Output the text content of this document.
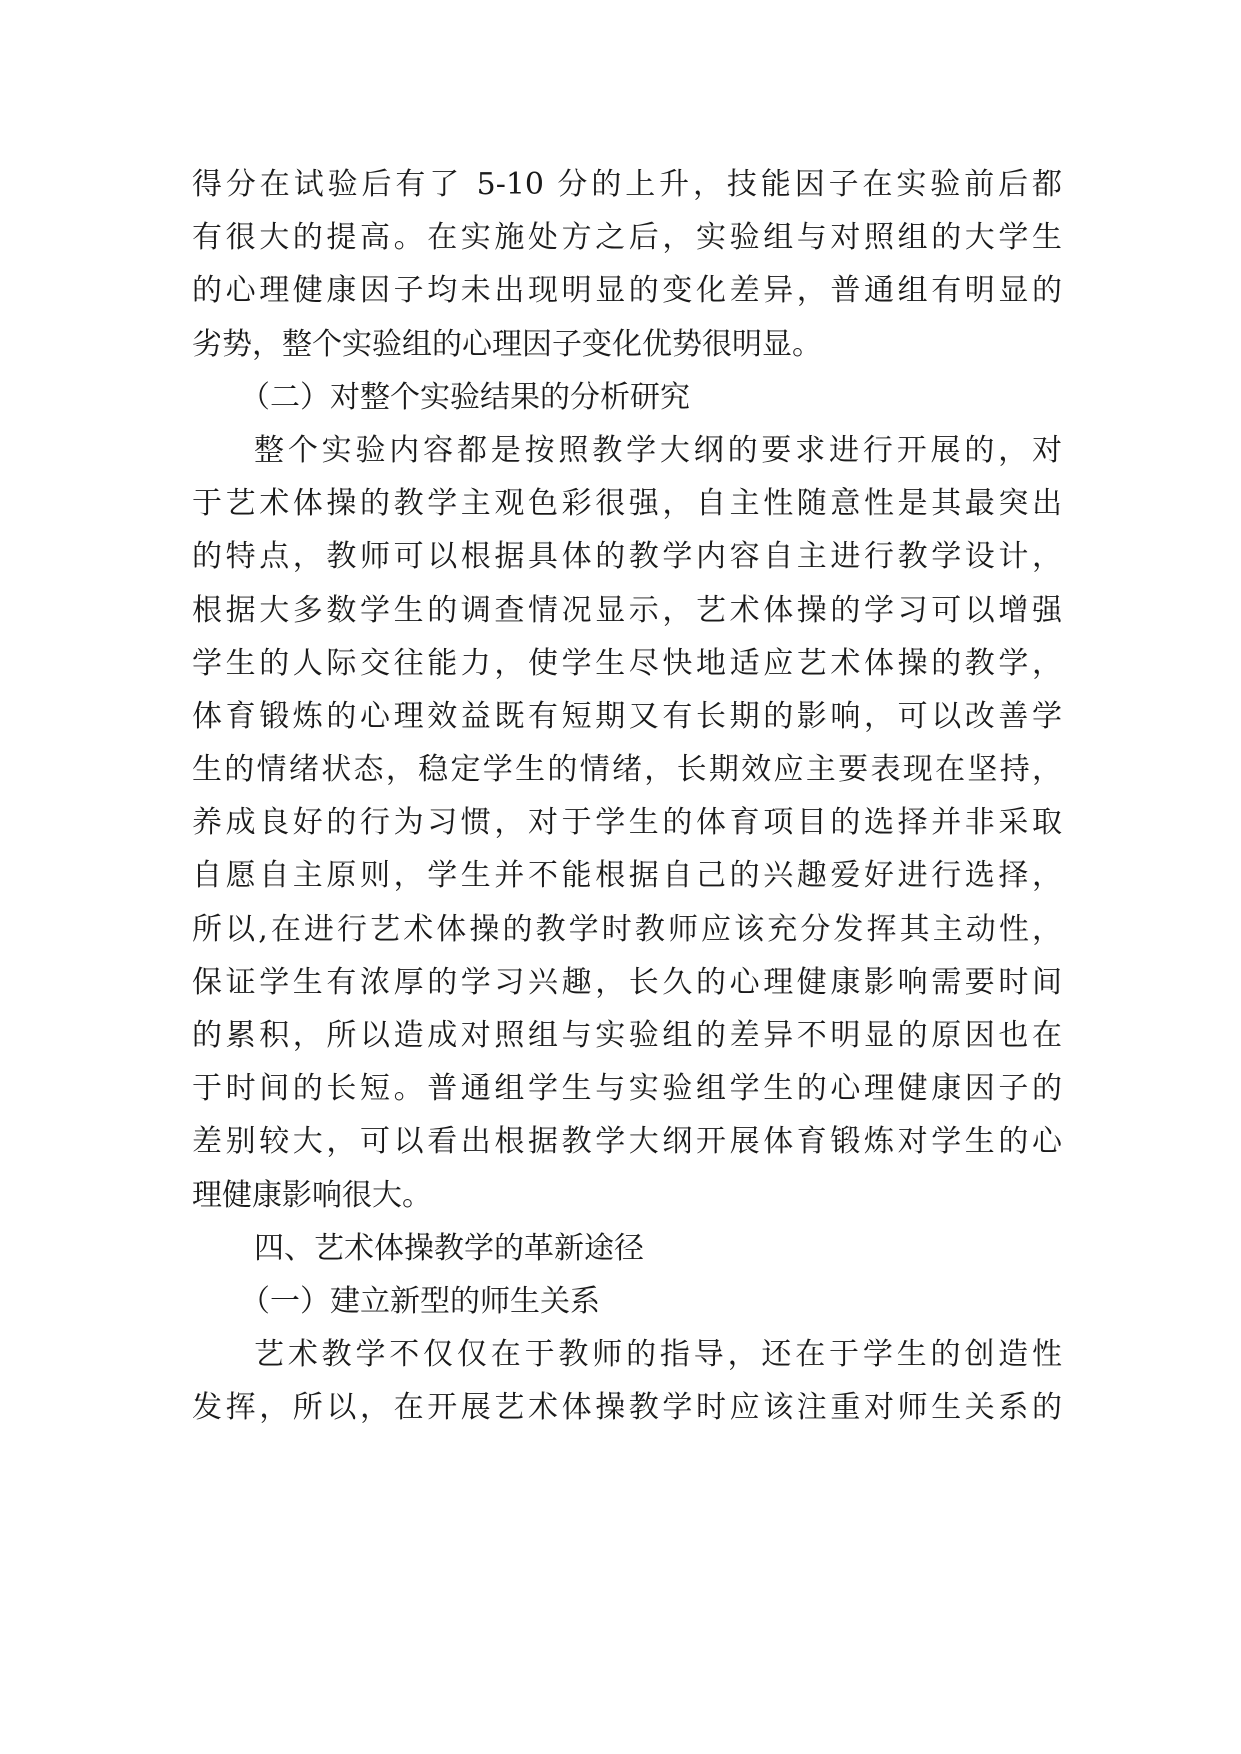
得分在试验后有了 5-10 分的上升，技能因子在实验前后都
有很大的提高。在实施处方之后，实验组与对照组的大学生
的心理健康因子均未出现明显的变化差异，普通组有明显的
劣势，整个实验组的心理因子变化优势很明显。
（二）对整个实验结果的分析研究
整个实验内容都是按照教学大纲的要求进行开展的，对
于艺术体操的教学主观色彩很强，自主性随意性是其最突出
的特点，教师可以根据具体的教学内容自主进行教学设计，
根据大多数学生的调查情况显示，艺术体操的学习可以增强
学生的人际交往能力，使学生尽快地适应艺术体操的教学，
体育锻炼的心理效益既有短期又有长期的影响，可以改善学
生的情绪状态，稳定学生的情绪，长期效应主要表现在坚持，
养成良好的行为习惯，对于学生的体育项目的选择并非采取
自愿自主原则，学生并不能根据自己的兴趣爱好进行选择，
所以,在进行艺术体操的教学时教师应该充分发挥其主动性，
保证学生有浓厚的学习兴趣，长久的心理健康影响需要时间
的累积，所以造成对照组与实验组的差异不明显的原因也在
于时间的长短。普通组学生与实验组学生的心理健康因子的
差别较大，可以看出根据教学大纲开展体育锻炼对学生的心
理健康影响很大。
四、艺术体操教学的革新途径
（一）建立新型的师生关系
艺术教学不仅仅在于教师的指导，还在于学生的创造性
发挥，所以，在开展艺术体操教学时应该注重对师生关系的
